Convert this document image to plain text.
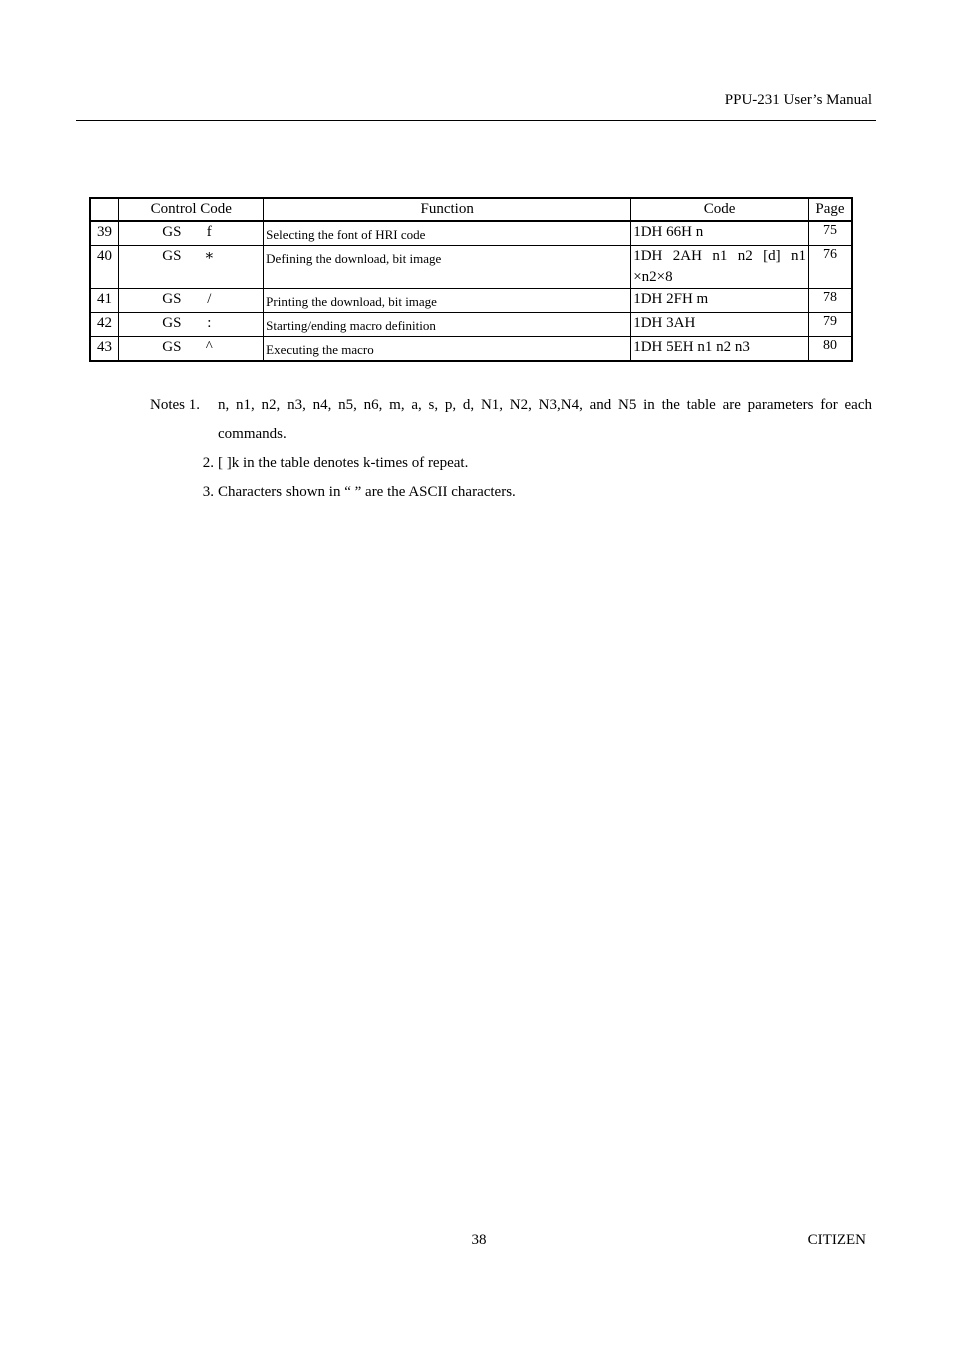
PPU-231 User’s Manual
	Control Code	Function	Code	Page
39	GS f	Selecting the font of HRI code	1DH 66H n	75
40	GS ∗	Defining the download, bit image	1DH 2AH n1 n2 [d] n1 ×n2×8	76
41	GS /	Printing the download, bit image	1DH 2FH m	78
42	GS :	Starting/ending macro definition	1DH 3AH	79
43	GS ^	Executing the macro	1DH 5EH n1 n2 n3	80
Notes 1.	n, n1, n2, n3, n4, n5, n6, m, a, s, p, d, N1, N2, N3,N4, and N5 in the table are parameters for each commands.
2. [ ]k in the table denotes k-times of repeat.
3. Characters shown in “ ” are the ASCII characters.
38	CITIZEN
